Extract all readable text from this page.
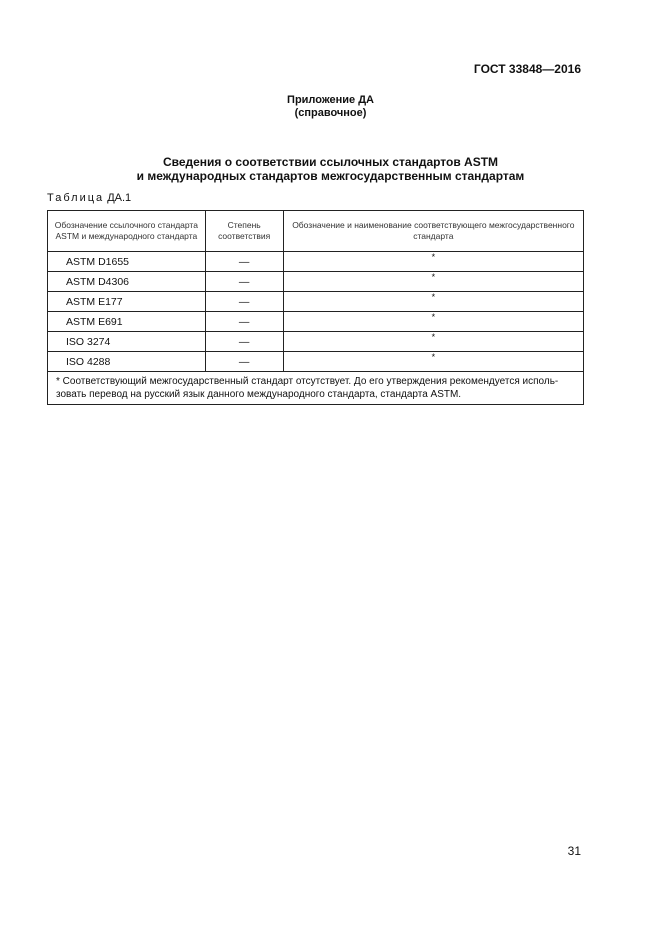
ГОСТ 33848—2016
Приложение ДА
(справочное)
Сведения о соответствии ссылочных стандартов ASTM
и международных стандартов межгосударственным стандартам
Таблица ДА.1
Обозначение ссылочного стандарта ASTM и международного стандарта	Степень соответствия	Обозначение и наименование соответствующего межгосударственного стандарта
ASTM D1655	—	*
ASTM D4306	—	*
ASTM E177	—	*
ASTM E691	—	*
ISO 3274	—	*
ISO 4288	—	*
* Соответствующий межгосударственный стандарт отсутствует. До его утверждения рекомендуется исполь-зовать перевод на русский язык данного международного стандарта, стандарта ASTM.		
31
